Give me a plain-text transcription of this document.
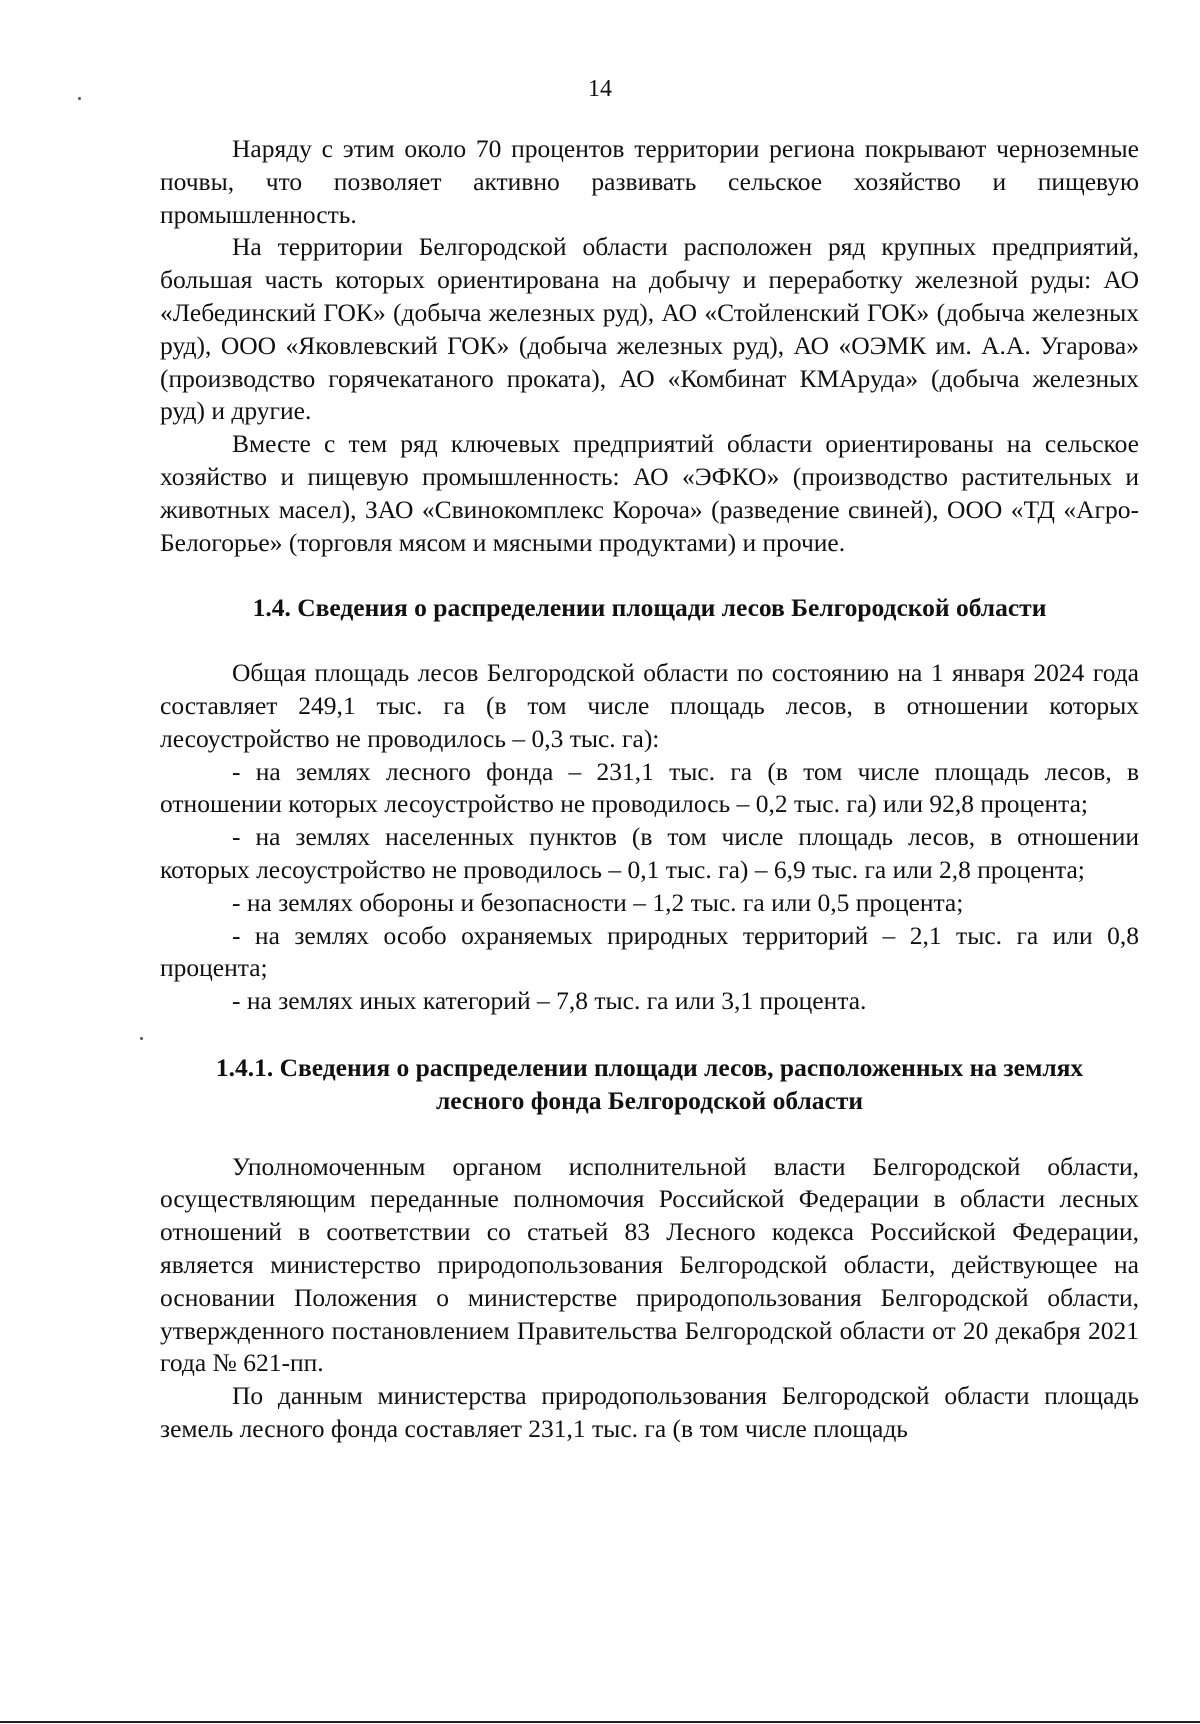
14

Наряду с этим около 70 процентов территории региона покрывают черноземные почвы, что позволяет активно развивать сельское хозяйство и пищевую промышленность.

На территории Белгородской области расположен ряд крупных предприятий, большая часть которых ориентирована на добычу и переработку железной руды: АО «Лебединский ГОК» (добыча железных руд), АО «Стойленский ГОК» (добыча железных руд), ООО «Яковлевский ГОК» (добыча железных руд), АО «ОЭМК им. А.А. Угарова» (производство горячекатаного проката), АО «Комбинат КМАруда» (добыча железных руд) и другие.

Вместе с тем ряд ключевых предприятий области ориентированы на сельское хозяйство и пищевую промышленность: АО «ЭФКО» (производство растительных и животных масел), ЗАО «Свинокомплекс Короча» (разведение свиней), ООО «ТД «Агро-Белогорье» (торговля мясом и мясными продуктами) и прочие.

1.4. Сведения о распределении площади лесов Белгородской области

Общая площадь лесов Белгородской области по состоянию на 1 января 2024 года составляет 249,1 тыс. га (в том числе площадь лесов, в отношении которых лесоустройство не проводилось – 0,3 тыс. га):

- на землях лесного фонда – 231,1 тыс. га (в том числе площадь лесов, в отношении которых лесоустройство не проводилось – 0,2 тыс. га) или 92,8 процента;

- на землях населенных пунктов (в том числе площадь лесов, в отношении которых лесоустройство не проводилось – 0,1 тыс. га) – 6,9 тыс. га или 2,8 процента;

- на землях обороны и безопасности – 1,2 тыс. га или 0,5 процента;

- на землях особо охраняемых природных территорий – 2,1 тыс. га или 0,8 процента;

- на землях иных категорий – 7,8 тыс. га или 3,1 процента.

1.4.1. Сведения о распределении площади лесов, расположенных на землях
лесного фонда Белгородской области

Уполномоченным органом исполнительной власти Белгородской области, осуществляющим переданные полномочия Российской Федерации в области лесных отношений в соответствии со статьей 83 Лесного кодекса Российской Федерации, является министерство природопользования Белгородской области, действующее на основании Положения о министерстве природопользования Белгородской области, утвержденного постановлением Правительства Белгородской области от 20 декабря 2021 года № 621-пп.

По данным министерства природопользования Белгородской области площадь земель лесного фонда составляет 231,1 тыс. га (в том числе площадь
